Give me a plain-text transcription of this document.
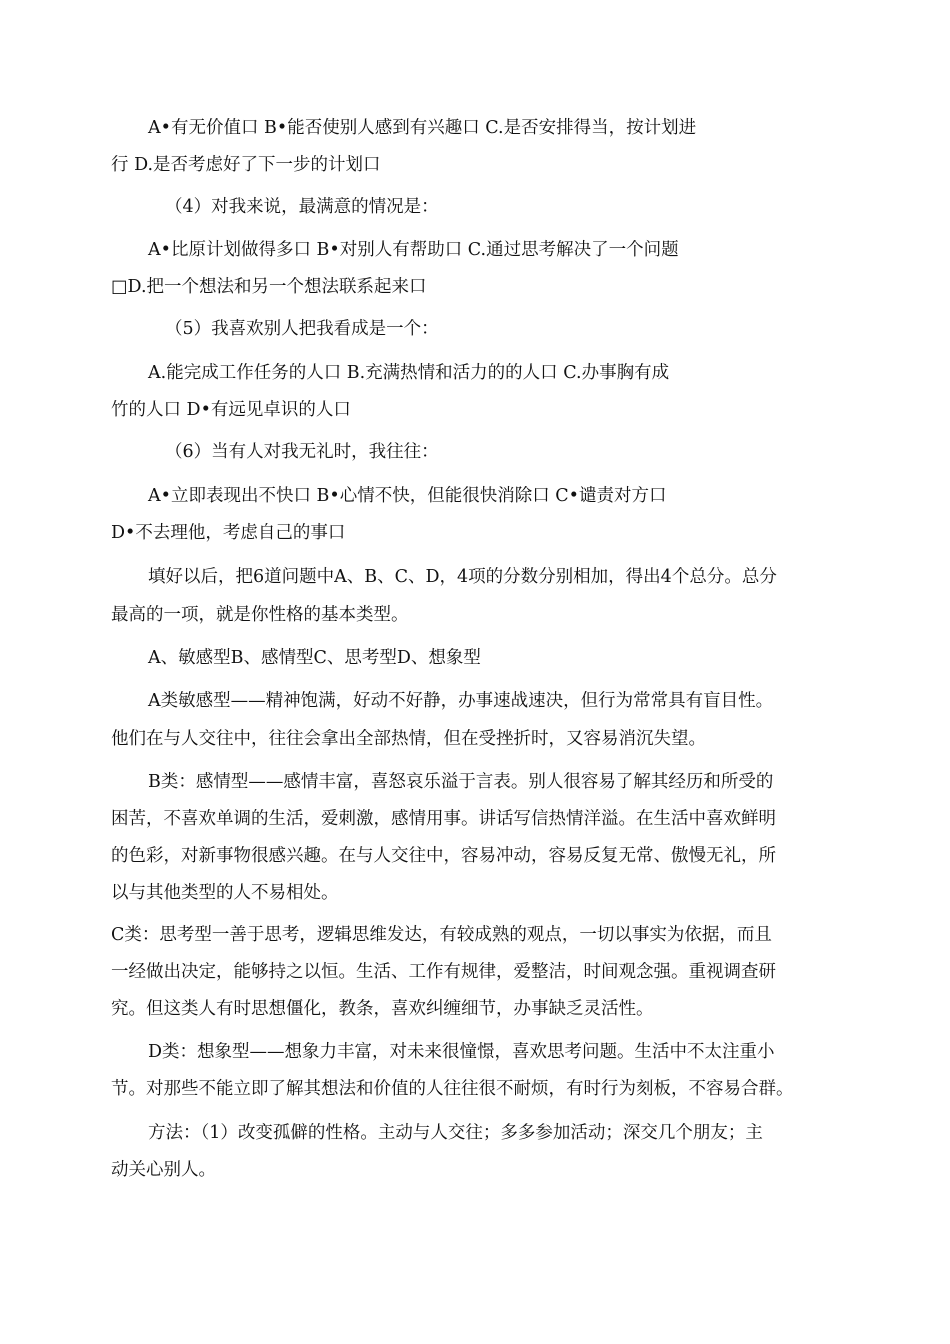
A•有无价值口 B•能否使别人感到有兴趣口 C.是否安排得当，按计划进
行 D.是否考虑好了下一步的计划口
（4）对我来说，最满意的情况是：
A•比原计划做得多口 B•对别人有帮助口 C.通过思考解决了一个问题
□D.把一个想法和另一个想法联系起来口
（5）我喜欢别人把我看成是一个：
A.能完成工作任务的人口 B.充满热情和活力的的人口 C.办事胸有成
竹的人口 D•有远见卓识的人口
（6）当有人对我无礼时，我往往：
A•立即表现出不快口 B•心情不快，但能很快消除口 C•谴责对方口
D•不去理他，考虑自己的事口
填好以后，把6道问题中A、B、C、D，4项的分数分别相加，得出4个总分。总分
最高的一项，就是你性格的基本类型。
A、敏感型B、感情型C、思考型D、想象型
A类敏感型——精神饱满，好动不好静，办事速战速决，但行为常常具有盲目性。
他们在与人交往中，往往会拿出全部热情，但在受挫折时，又容易消沉失望。
B类：感情型——感情丰富，喜怒哀乐溢于言表。别人很容易了解其经历和所受的
困苦，不喜欢单调的生活，爱刺激，感情用事。讲话写信热情洋溢。在生活中喜欢鲜明
的色彩，对新事物很感兴趣。在与人交往中，容易冲动，容易反复无常、傲慢无礼，所
以与其他类型的人不易相处。
C类：思考型一善于思考，逻辑思维发达，有较成熟的观点，一切以事实为依据，而且
一经做出决定，能够持之以恒。生活、工作有规律，爱整洁，时间观念强。重视调查研
究。但这类人有时思想僵化，教条，喜欢纠缠细节，办事缺乏灵活性。
D类：想象型——想象力丰富，对未来很憧憬，喜欢思考问题。生活中不太注重小
节。对那些不能立即了解其想法和价值的人往往很不耐烦，有时行为刻板，不容易合群。
方法：（1）改变孤僻的性格。主动与人交往；多多参加活动；深交几个朋友；主
动关心别人。
